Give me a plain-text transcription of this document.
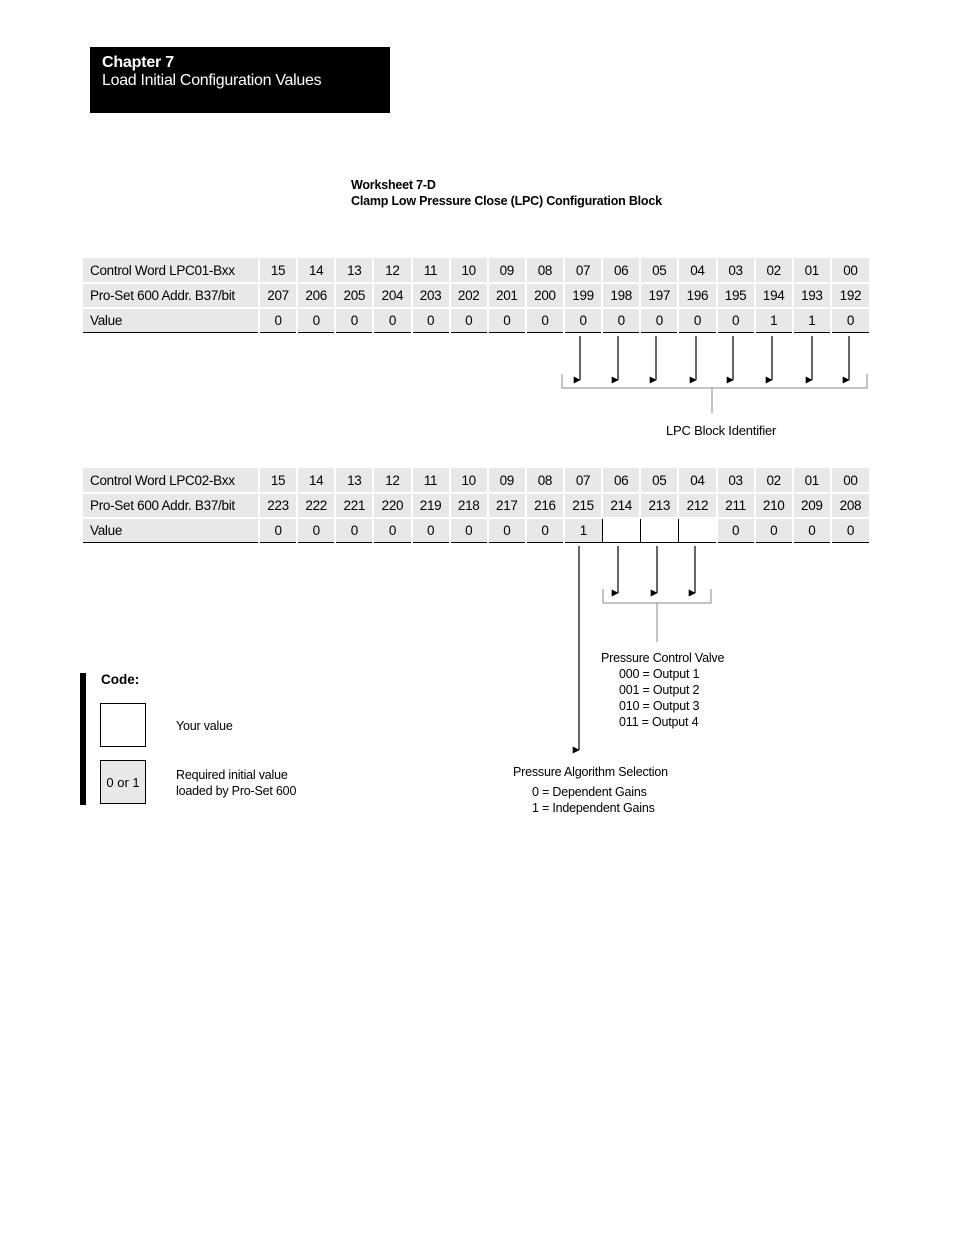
Chapter 7
Load Initial Configuration Values
Worksheet 7-D
Clamp Low Pressure Close (LPC) Configuration Block
Control Word LPC01-Bxx	15	14	13	12	11	10	09	08	07	06	05	04	03	02	01	00
Pro-Set 600 Addr. B37/bit	207	206	205	204	203	202	201	200	199	198	197	196	195	194	193	192
Value	0	0	0	0	0	0	0	0	0	0	0	0	0	1	1	0
Control Word LPC02-Bxx	15	14	13	12	11	10	09	08	07	06	05	04	03	02	01	00
Pro-Set 600 Addr. B37/bit	223	222	221	220	219	218	217	216	215	214	213	212	211	210	209	208
Value	0	0	0	0	0	0	0	0	1				0	0	0	0
LPC Block Identifier
Pressure Control Valve
000 = Output 1
001 = Output 2
010 = Output 3
011 = Output 4
Pressure Algorithm Selection
0 = Dependent Gains
1 = Independent Gains
Code:
Your value
0 or 1	Required initial value
loaded by Pro-Set 600
